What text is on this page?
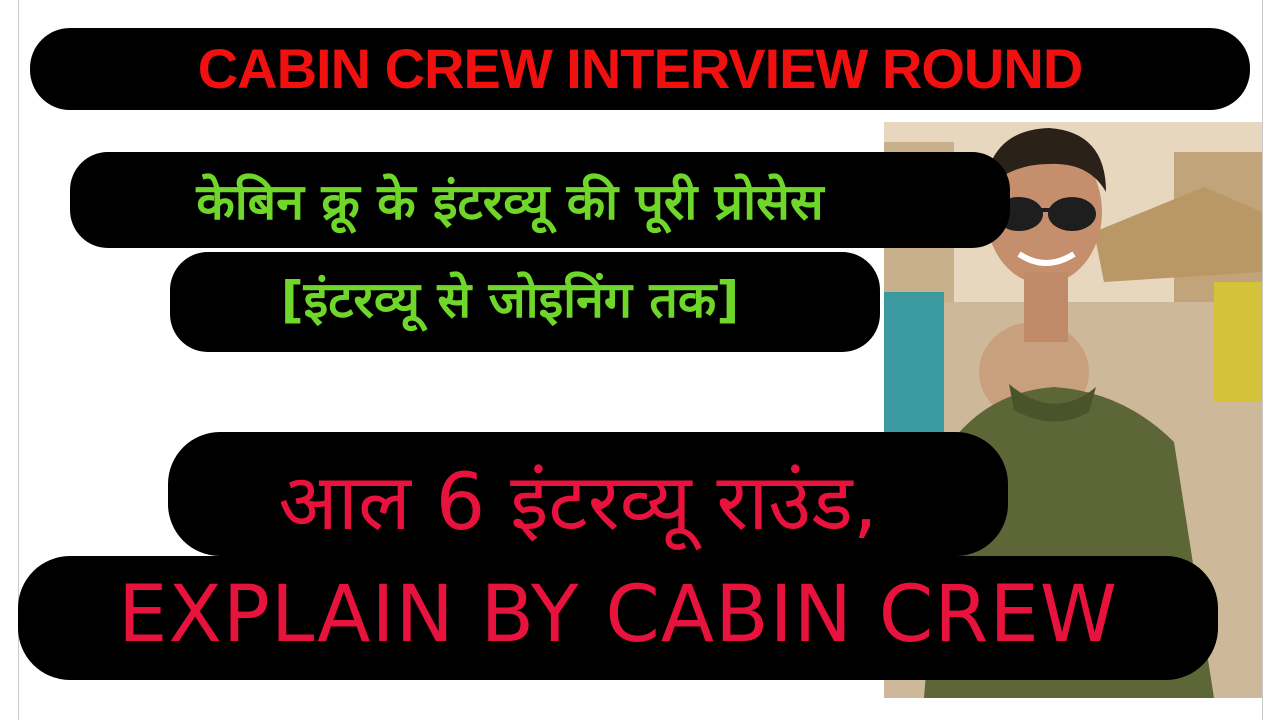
CABIN CREW INTERVIEW ROUND
केबिन क्रू के इंटरव्यू की पूरी प्रोसेस
[इंटरव्यू से जोइनिंग तक]
आल 6 इंटरव्यू राउंड,
EXPLAIN BY CABIN CREW
